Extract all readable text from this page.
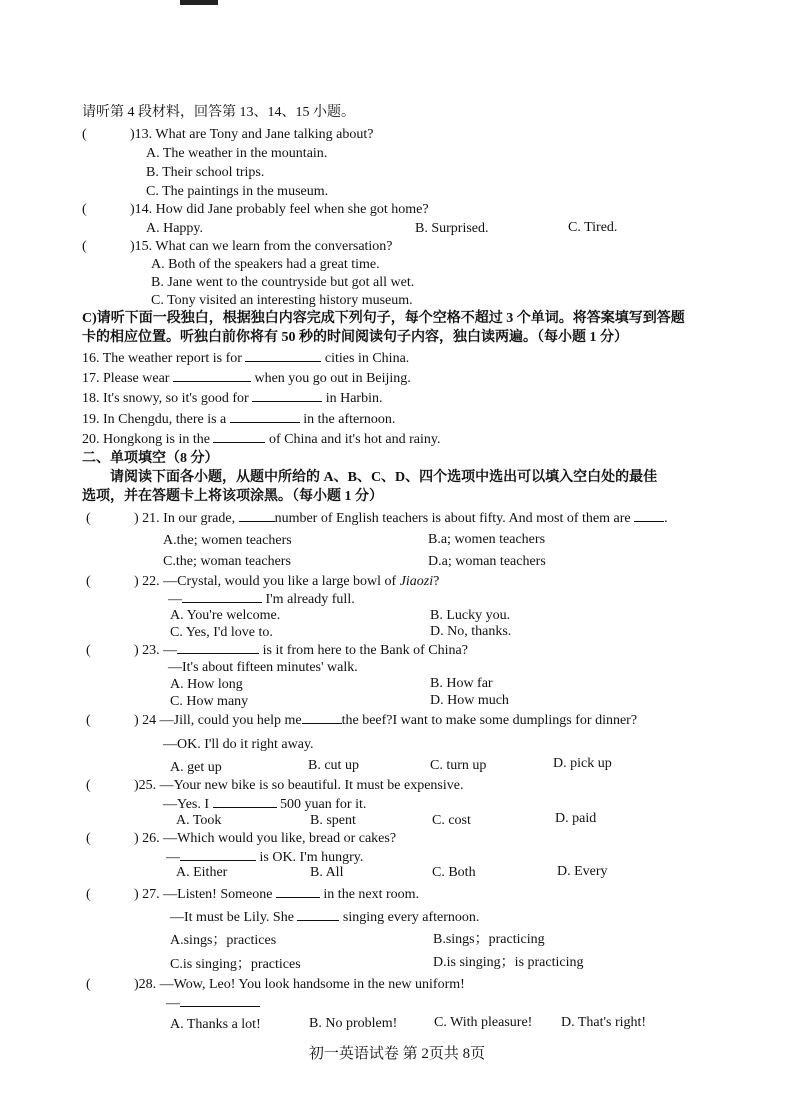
请听第 4 段材料，回答第 13、14、15 小题。
(	)13. What are Tony and Jane talking about?
A. The weather in the mountain.
B. Their school trips.
C. The paintings in the museum.
(	)14. How did Jane probably feel when she got home?
A. Happy.	B. Surprised.	C. Tired.
(	)15. What can we learn from the conversation?
A. Both of the speakers had a great time.
B. Jane went to the countryside but got all wet.
C. Tony visited an interesting history museum.
C)请听下面一段独白，根据独白内容完成下列句子，每个空格不超过 3 个单词。将答案填写到答题
卡的相应位置。听独白前你将有 50 秒的时间阅读句子内容，独白读两遍。（每小题 1 分）
16. The weather report is for	cities in China.
17. Please wear	when you go out in Beijing.
18. It's snowy, so it's good for	in Harbin.
19. In Chengdu, there is a	in the afternoon.
20. Hongkong is in the	of China and it's hot and rainy.
二、单项填空（8 分）
请阅读下面各小题，从题中所给的 A、B、C、D、四个选项中选出可以填入空白处的最佳
选项，并在答题卡上将该项涂黑。（每小题 1 分）
(	) 21. In our grade,	number of English teachers is about fifty. And most of them are .
A.the; women teachers	B.a; women teachers
C.the; woman teachers	D.a; woman teachers
(	) 22. —Crystal, would you like a large bowl of Jiaozi?
—	I'm already full.
A. You're welcome.	B. Lucky you.
C. Yes, I'd love to.	D. No, thanks.
(	) 23. —	is it from here to the Bank of China?
—It's about fifteen minutes' walk.
A. How long	B. How far
C. How many	D. How much
(	) 24 —Jill, could you help me	the beef?I want to make some dumplings for dinner?
—OK. I'll do it right away.
A. get up	B. cut up	C. turn up	D. pick up
(	)25. —Your new bike is so beautiful. It must be expensive.
—Yes. I	500 yuan for it.
A. Took	B. spent	C. cost	D. paid
(	) 26. —Which would you like, bread or cakes?
—	is OK. I'm hungry.
A. Either	B. All	C. Both	D. Every
(	) 27. —Listen! Someone	in the next room.
—It must be Lily. She	singing every afternoon.
A.sings；practices	B.sings；practicing
C.is singing；practices	D.is singing；is practicing
(	)28. —Wow, Leo! You look handsome in the new uniform!
—
A. Thanks a lot!	B. No problem!	C. With pleasure! D. That's right!
初一英语试卷 第 2页共 8页
